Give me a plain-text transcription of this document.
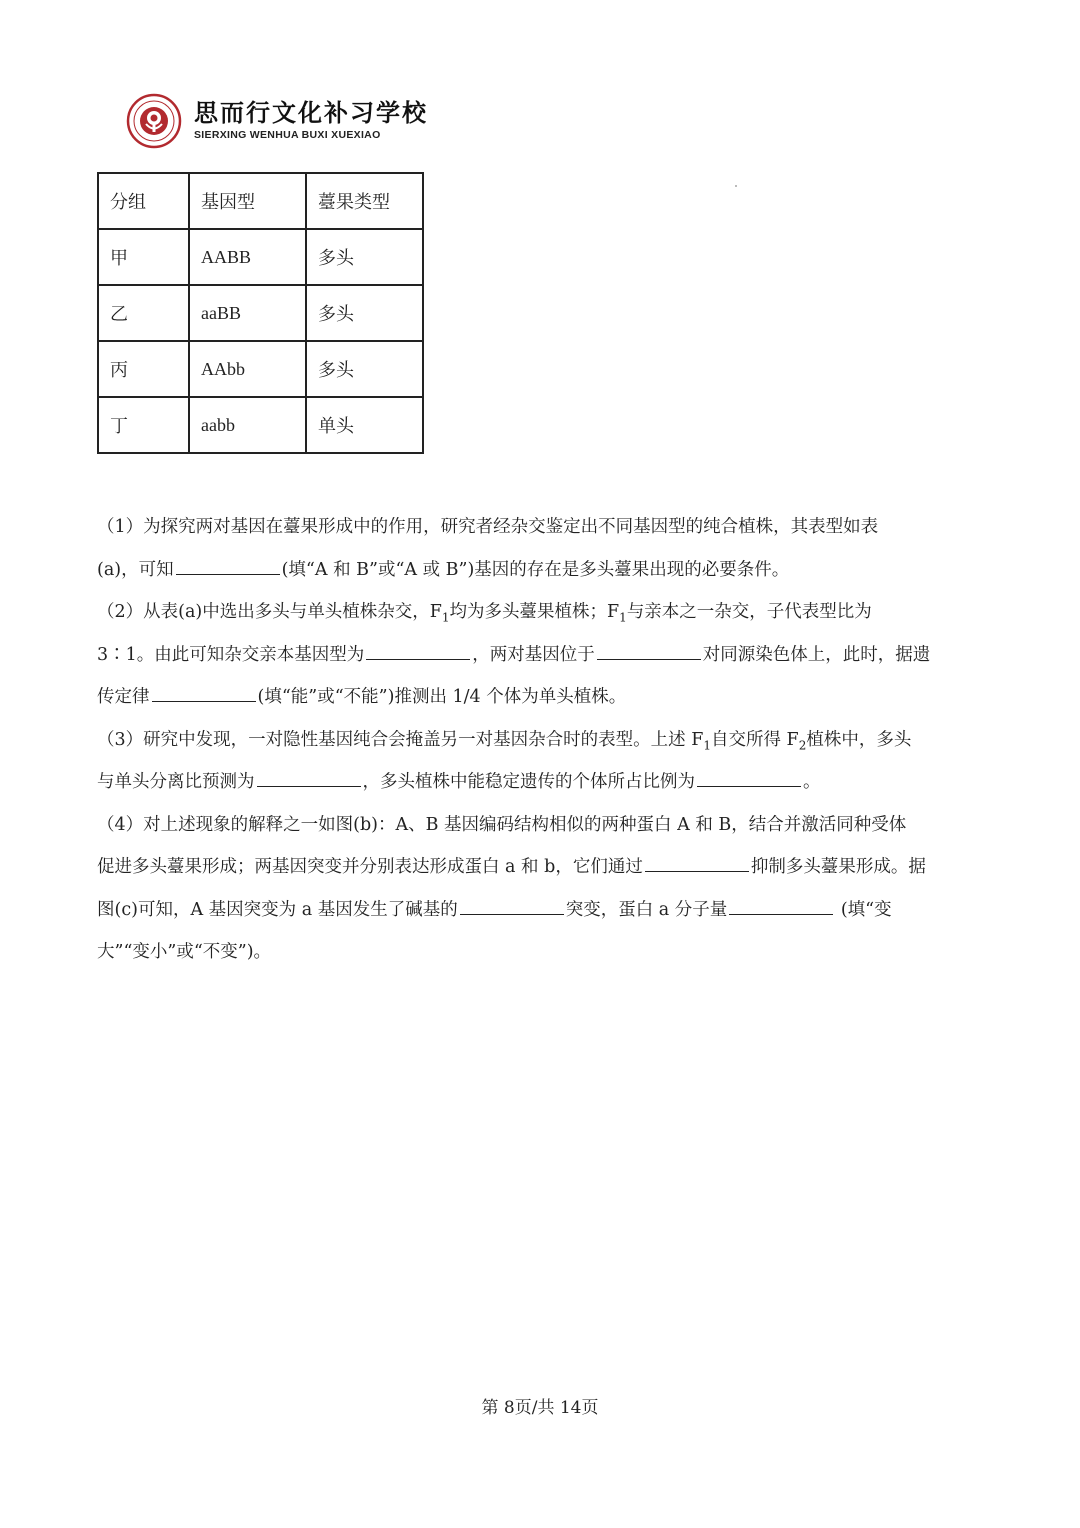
思而行文化补习学校
SIERXING WENHUA BUXI XUEXIAO
分组	基因型	薹果类型
甲	AABB	多头
乙	aaBB	多头
丙	AAbb	多头
丁	aabb	单头
（1）为探究两对基因在薹果形成中的作用，研究者经杂交鉴定出不同基因型的纯合植株，其表型如表
(a)，可知	(填“A 和 B”或“A 或 B”)基因的存在是多头薹果出现的必要条件。
（2）从表(a)中选出多头与单头植株杂交，$F_1$均为多头薹果植株；$F_1$与亲本之一杂交，子代表型比为
3∶1。由此可知杂交亲本基因型为	，两对基因位于	对同源染色体上，此时，据遗
传定律	(填“能”或“不能”)推测出 1/4 个体为单头植株。
（3）研究中发现，一对隐性基因纯合会掩盖另一对基因杂合时的表型。上述 $F_1$自交所得 $F_2$植株中，多头
与单头分离比预测为	，多头植株中能稳定遗传的个体所占比例为	。
（4）对上述现象的解释之一如图(b)：A、B 基因编码结构相似的两种蛋白 A 和 B，结合并激活同种受体
促进多头薹果形成；两基因突变并分别表达形成蛋白 a 和 b，它们通过	抑制多头薹果形成。据
图(c)可知，A 基因突变为 a 基因发生了碱基的	突变，蛋白 a 分子量	(填“变
大”“变小”或“不变”)。
第 8页/共 14页
